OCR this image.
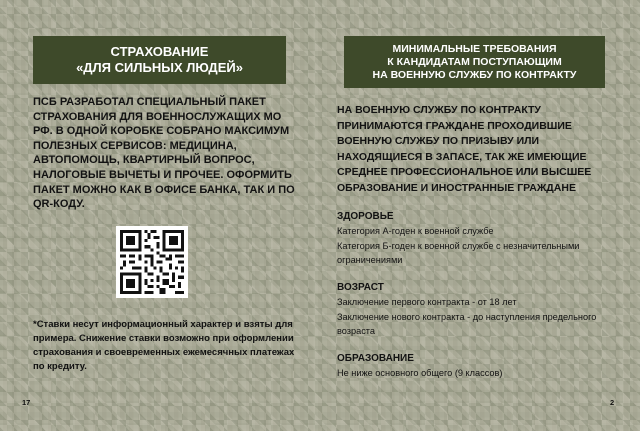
СТРАХОВАНИЕ
«ДЛЯ СИЛЬНЫХ ЛЮДЕЙ»

ПСБ РАЗРАБОТАЛ СПЕЦИАЛЬНЫЙ ПАКЕТ СТРАХОВАНИЯ ДЛЯ ВОЕННОСЛУЖАЩИХ МО РФ. В ОДНОЙ КОРОБКЕ СОБРАНО МАКСИМУМ ПОЛЕЗНЫХ СЕРВИСОВ: МЕДИЦИНА, АВТОПОМОЩЬ, КВАРТИРНЫЙ ВОПРОС, НАЛОГОВЫЕ ВЫЧЕТЫ И ПРОЧЕЕ. ОФОРМИТЬ ПАКЕТ МОЖНО КАК В ОФИСЕ БАНКА, ТАК И ПО QR-КОДУ.

*Ставки несут информационный характер и взяты для примера. Снижение ставки возможно при оформлении страхования и своевременных ежемесячных платежах по кредиту.

17
МИНИМАЛЬНЫЕ ТРЕБОВАНИЯ
К КАНДИДАТАМ ПОСТУПАЮЩИМ
НА ВОЕННУЮ СЛУЖБУ ПО КОНТРАКТУ

НА ВОЕННУЮ СЛУЖБУ ПО КОНТРАКТУ ПРИНИМАЮТСЯ ГРАЖДАНЕ ПРОХОДИВШИЕ ВОЕННУЮ СЛУЖБУ ПО ПРИЗЫВУ ИЛИ НАХОДЯЩИЕСЯ В ЗАПАСЕ, ТАК ЖЕ ИМЕЮЩИЕ СРЕДНЕЕ ПРОФЕССИОНАЛЬНОЕ ИЛИ ВЫСШЕЕ ОБРАЗОВАНИЕ И ИНОСТРАННЫЕ ГРАЖДАНЕ

ЗДОРОВЬЕ

Категория А-годен к военной службе

Категория Б-годен к военной службе с незначительными ограничениями

ВОЗРАСТ

Заключение первого контракта - от 18 лет

Заключение нового контракта - до наступления предельного возраста

ОБРАЗОВАНИЕ

Не ниже основного общего (9 классов)

2
